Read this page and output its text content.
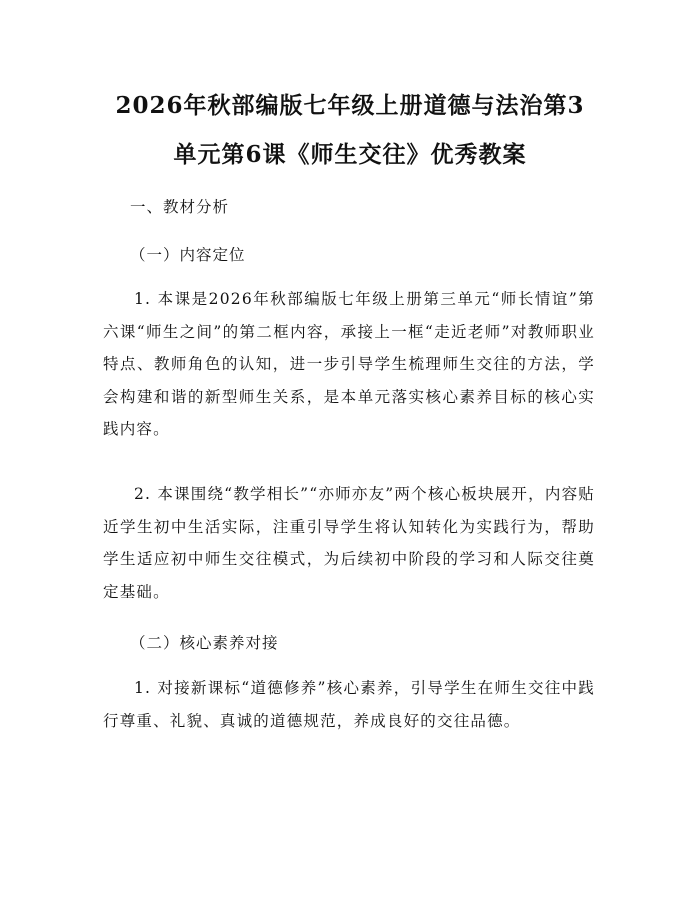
2026年秋部编版七年级上册道德与法治第3
单元第6课《师生交往》优秀教案
一、教材分析
（一）内容定位
1. 本课是2026年秋部编版七年级上册第三单元“师长情谊”第六课“师生之间”的第二框内容，承接上一框“走近老师”对教师职业特点、教师角色的认知，进一步引导学生梳理师生交往的方法，学会构建和谐的新型师生关系，是本单元落实核心素养目标的核心实践内容。
2. 本课围绕“教学相长”“亦师亦友”两个核心板块展开，内容贴近学生初中生活实际，注重引导学生将认知转化为实践行为，帮助学生适应初中师生交往模式，为后续初中阶段的学习和人际交往奠定基础。
（二）核心素养对接
1. 对接新课标“道德修养”核心素养，引导学生在师生交往中践行尊重、礼貌、真诚的道德规范，养成良好的交往品德。
